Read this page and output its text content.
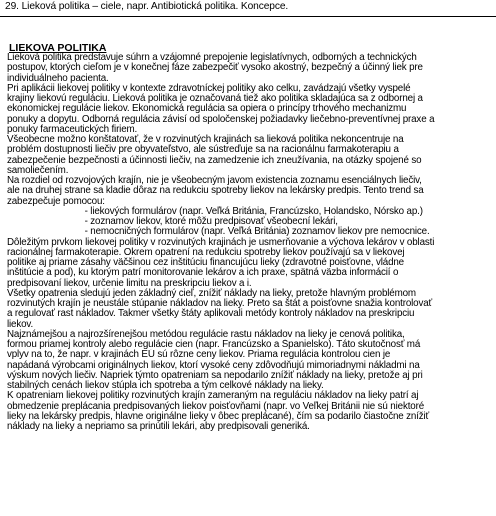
29. Lieková politika – ciele, napr. Antibiotická politika. Koncepce.
LIEKOVA POLITIKA
Lieková politika predstavuje súhrn a vzájomné prepojenie legislatívnych, odborných a technických
postupov, ktorých cieľom je v konečnej fáze zabezpečiť vysoko akostný, bezpečný a účinný liek pre
individuálneho pacienta.
Pri aplikácii liekovej politiky v kontexte zdravotníckej politiky ako celku, zavádzajú všetky vyspelé
krajiny liekovú reguláciu. Lieková politika je označovaná tiež ako politika skladajúca sa z odbornej a
ekonomickej regulácie liekov. Ekonomická regulácia sa opiera o princípy trhového mechanizmu
ponuky a dopytu. Odborná regulácia závisí od spoločenskej požiadavky liečebno-preventívnej praxe a
ponuky farmaceutických firiem.
Všeobecne možno konštatovať, že v rozvinutých krajinách sa lieková politika nekoncentruje na
problém dostupnosti liečiv pre obyvateľstvo, ale sústreďuje sa na racionálnu farmakoterapiu a
zabezpečenie bezpečnosti a účinnosti liečiv, na zamedzenie ich zneužívania, na otázky spojené so
samoliečením.
Na rozdiel od rozvojových krajín, nie je všeobecným javom existencia zoznamu esenciálnych liečiv,
ale na druhej strane sa kladie dôraz na redukciu spotreby liekov na lekársky predpis. Tento trend sa
zabezpečuje pomocou:
- liekových formulárov (napr. Veľká Británia, Francúzsko, Holandsko, Nórsko ap.)
- zoznamov liekov, ktoré môžu predpisovať všeobecní lekári,
- nemocničných formulárov (napr. Veľká Británia) zoznamov liekov pre nemocnice.
Dôležitým prvkom liekovej politiky v rozvinutých krajinách je usmerňovanie a výchova lekárov v oblasti
racionálnej farmakoterapie. Okrem opatrení na redukciu spotreby liekov používajú sa v liekovej
politike aj priame zásahy väčšinou cez inštitúciu financujúcu lieky (zdravotné poisťovne, vládne
inštitúcie a pod), ku ktorým patrí monitorovanie lekárov a ich praxe, spätná väzba informácií o
predpisovaní liekov, určenie limitu na preskripciu liekov a i.
Všetky opatrenia sledujú jeden základný cieľ, znížiť náklady na lieky, pretože hlavným problémom
rozvinutých krajín je neustále stúpanie nákladov na lieky. Preto sa štát a poisťovne snažia kontrolovať
a regulovať rast nákladov. Takmer všetky štáty aplikovali metódy kontroly nákladov na preskripciu
liekov.
Najznámejšou a najrozšírenejšou metódou regulácie rastu nákladov na lieky je cenová politika,
formou priamej kontroly alebo regulácie cien (napr. Francúzsko a Španielsko). Táto skutočnosť má
vplyv na to, že napr. v krajinách EÚ sú rôzne ceny liekov. Priama regulácia kontrolou cien je
napádaná výrobcami originálnych liekov, ktorí vysoké ceny zdôvodňujú mimoriadnymi nákladmi na
výskum nových liečiv. Napriek týmto opatreniam sa nepodarilo znížiť náklady na lieky, pretože aj pri
stabilných cenách liekov stúpla ich spotreba a tým celkové náklady na lieky.
K opatreniam liekovej politiky rozvinutých krajín zameraným na reguláciu nákladov na lieky patrí aj
obmedzenie preplácania predpisovaných liekov poisťovňami (napr. vo Veľkej Británii nie sú niektoré
lieky na lekársky predpis, hlavne originálne lieky v ôbec preplácané), čím sa podarilo čiastočne znížiť
náklady na lieky a nepriamo sa prinútili lekári, aby predpisovali generiká.
